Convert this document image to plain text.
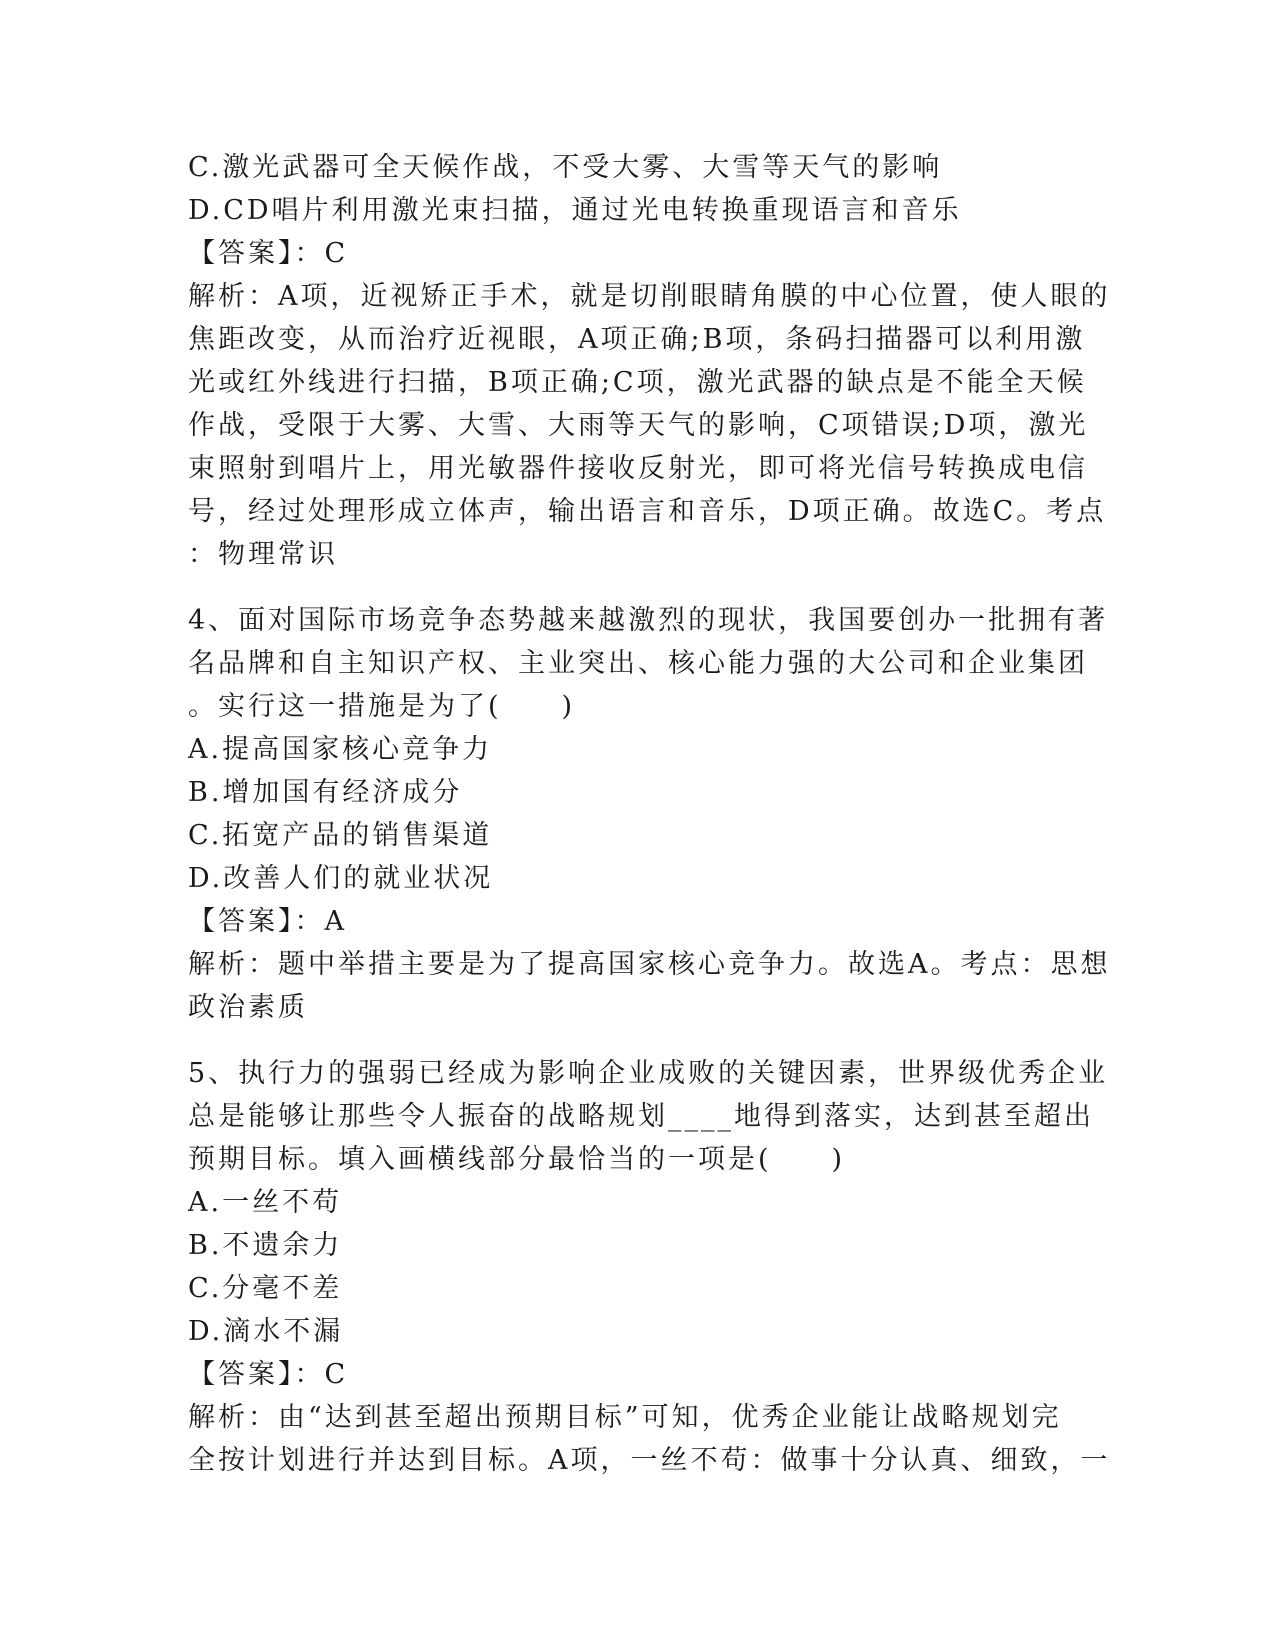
C.激光武器可全天候作战，不受大雾、大雪等天气的影响
D.CD唱片利用激光束扫描，通过光电转换重现语言和音乐
【答案】：C
解析：A项，近视矫正手术，就是切削眼睛角膜的中心位置，使人眼的
焦距改变，从而治疗近视眼，A项正确;B项，条码扫描器可以利用激
光或红外线进行扫描，B项正确;C项，激光武器的缺点是不能全天候
作战，受限于大雾、大雪、大雨等天气的影响，C项错误;D项，激光
束照射到唱片上，用光敏器件接收反射光，即可将光信号转换成电信
号，经过处理形成立体声，输出语言和音乐，D项正确。故选C。考点
：物理常识
4、面对国际市场竞争态势越来越激烈的现状，我国要创办一批拥有著
名品牌和自主知识产权、主业突出、核心能力强的大公司和企业集团
。实行这一措施是为了(　　)
A.提高国家核心竞争力
B.增加国有经济成分
C.拓宽产品的销售渠道
D.改善人们的就业状况
【答案】：A
解析：题中举措主要是为了提高国家核心竞争力。故选A。考点：思想
政治素质
5、执行力的强弱已经成为影响企业成败的关键因素，世界级优秀企业
总是能够让那些令人振奋的战略规划____地得到落实，达到甚至超出
预期目标。填入画横线部分最恰当的一项是(　　)
A.一丝不苟
B.不遗余力
C.分毫不差
D.滴水不漏
【答案】：C
解析：由“达到甚至超出预期目标”可知，优秀企业能让战略规划完
全按计划进行并达到目标。A项，一丝不苟：做事十分认真、细致，一
